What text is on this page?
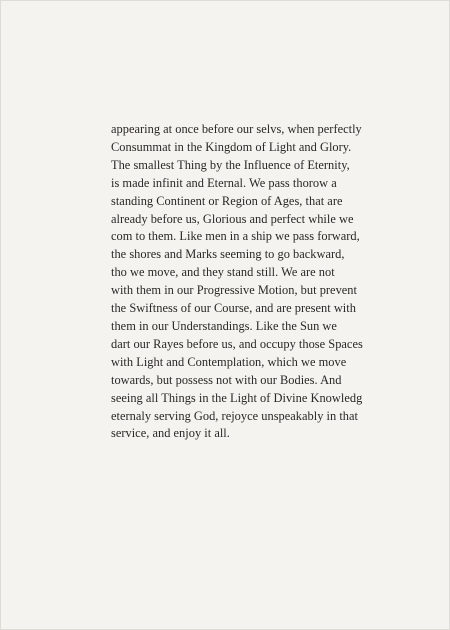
appearing at once before our selvs, when perfectly
Consummat in the Kingdom of Light and Glory.
The smallest Thing by the Influence of Eternity,
is made infinit and Eternal. We pass thorow a
standing Continent or Region of Ages, that are
already before us, Glorious and perfect while we
com to them. Like men in a ship we pass forward,
the shores and Marks seeming to go backward,
tho we move, and they stand still. We are not
with them in our Progressive Motion, but prevent
the Swiftness of our Course, and are present with
them in our Understandings. Like the Sun we
dart our Rayes before us, and occupy those Spaces
with Light and Contemplation, which we move
towards, but possess not with our Bodies. And
seeing all Things in the Light of Divine Knowledg
eternaly serving God, rejoyce unspeakably in that
service, and enjoy it all.
